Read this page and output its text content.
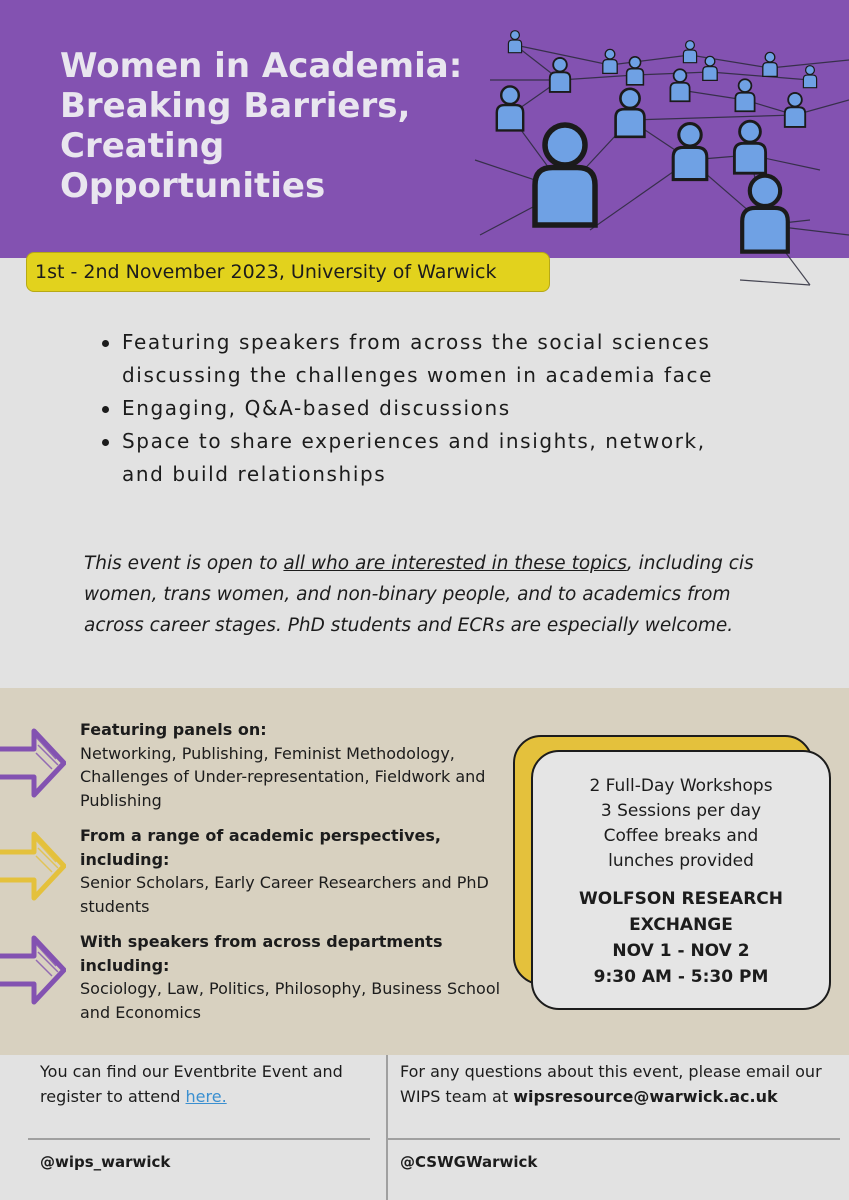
Women in Academia: Breaking Barriers, Creating Opportunities
1st - 2nd November 2023, University of Warwick
Featuring speakers from across the social sciences discussing the challenges women in academia face
Engaging, Q&A-based discussions
Space to share experiences and insights, network, and build relationships

This event is open to all who are interested in these topics, including cis women, trans women, and non-binary people, and to academics from across career stages. PhD students and ECRs are especially welcome.

Featuring panels on:
Networking, Publishing, Feminist Methodology, Challenges of Under-representation, Fieldwork and Publishing
From a range of academic perspectives, including:
Senior Scholars, Early Career Researchers and PhD students
With speakers from across departments including:
Sociology, Law, Politics, Philosophy, Business School and Economics
2 Full-Day Workshops
3 Sessions per day
Coffee breaks and
lunches provided
WOLFSON RESEARCH
EXCHANGE
NOV 1 - NOV 2
9:30 AM - 5:30 PM
You can find our Eventbrite Event and register to attend here.
For any questions about this event, please email our WIPS team at wipsresource@warwick.ac.uk
@wips_warwick	@CSWGWarwick
